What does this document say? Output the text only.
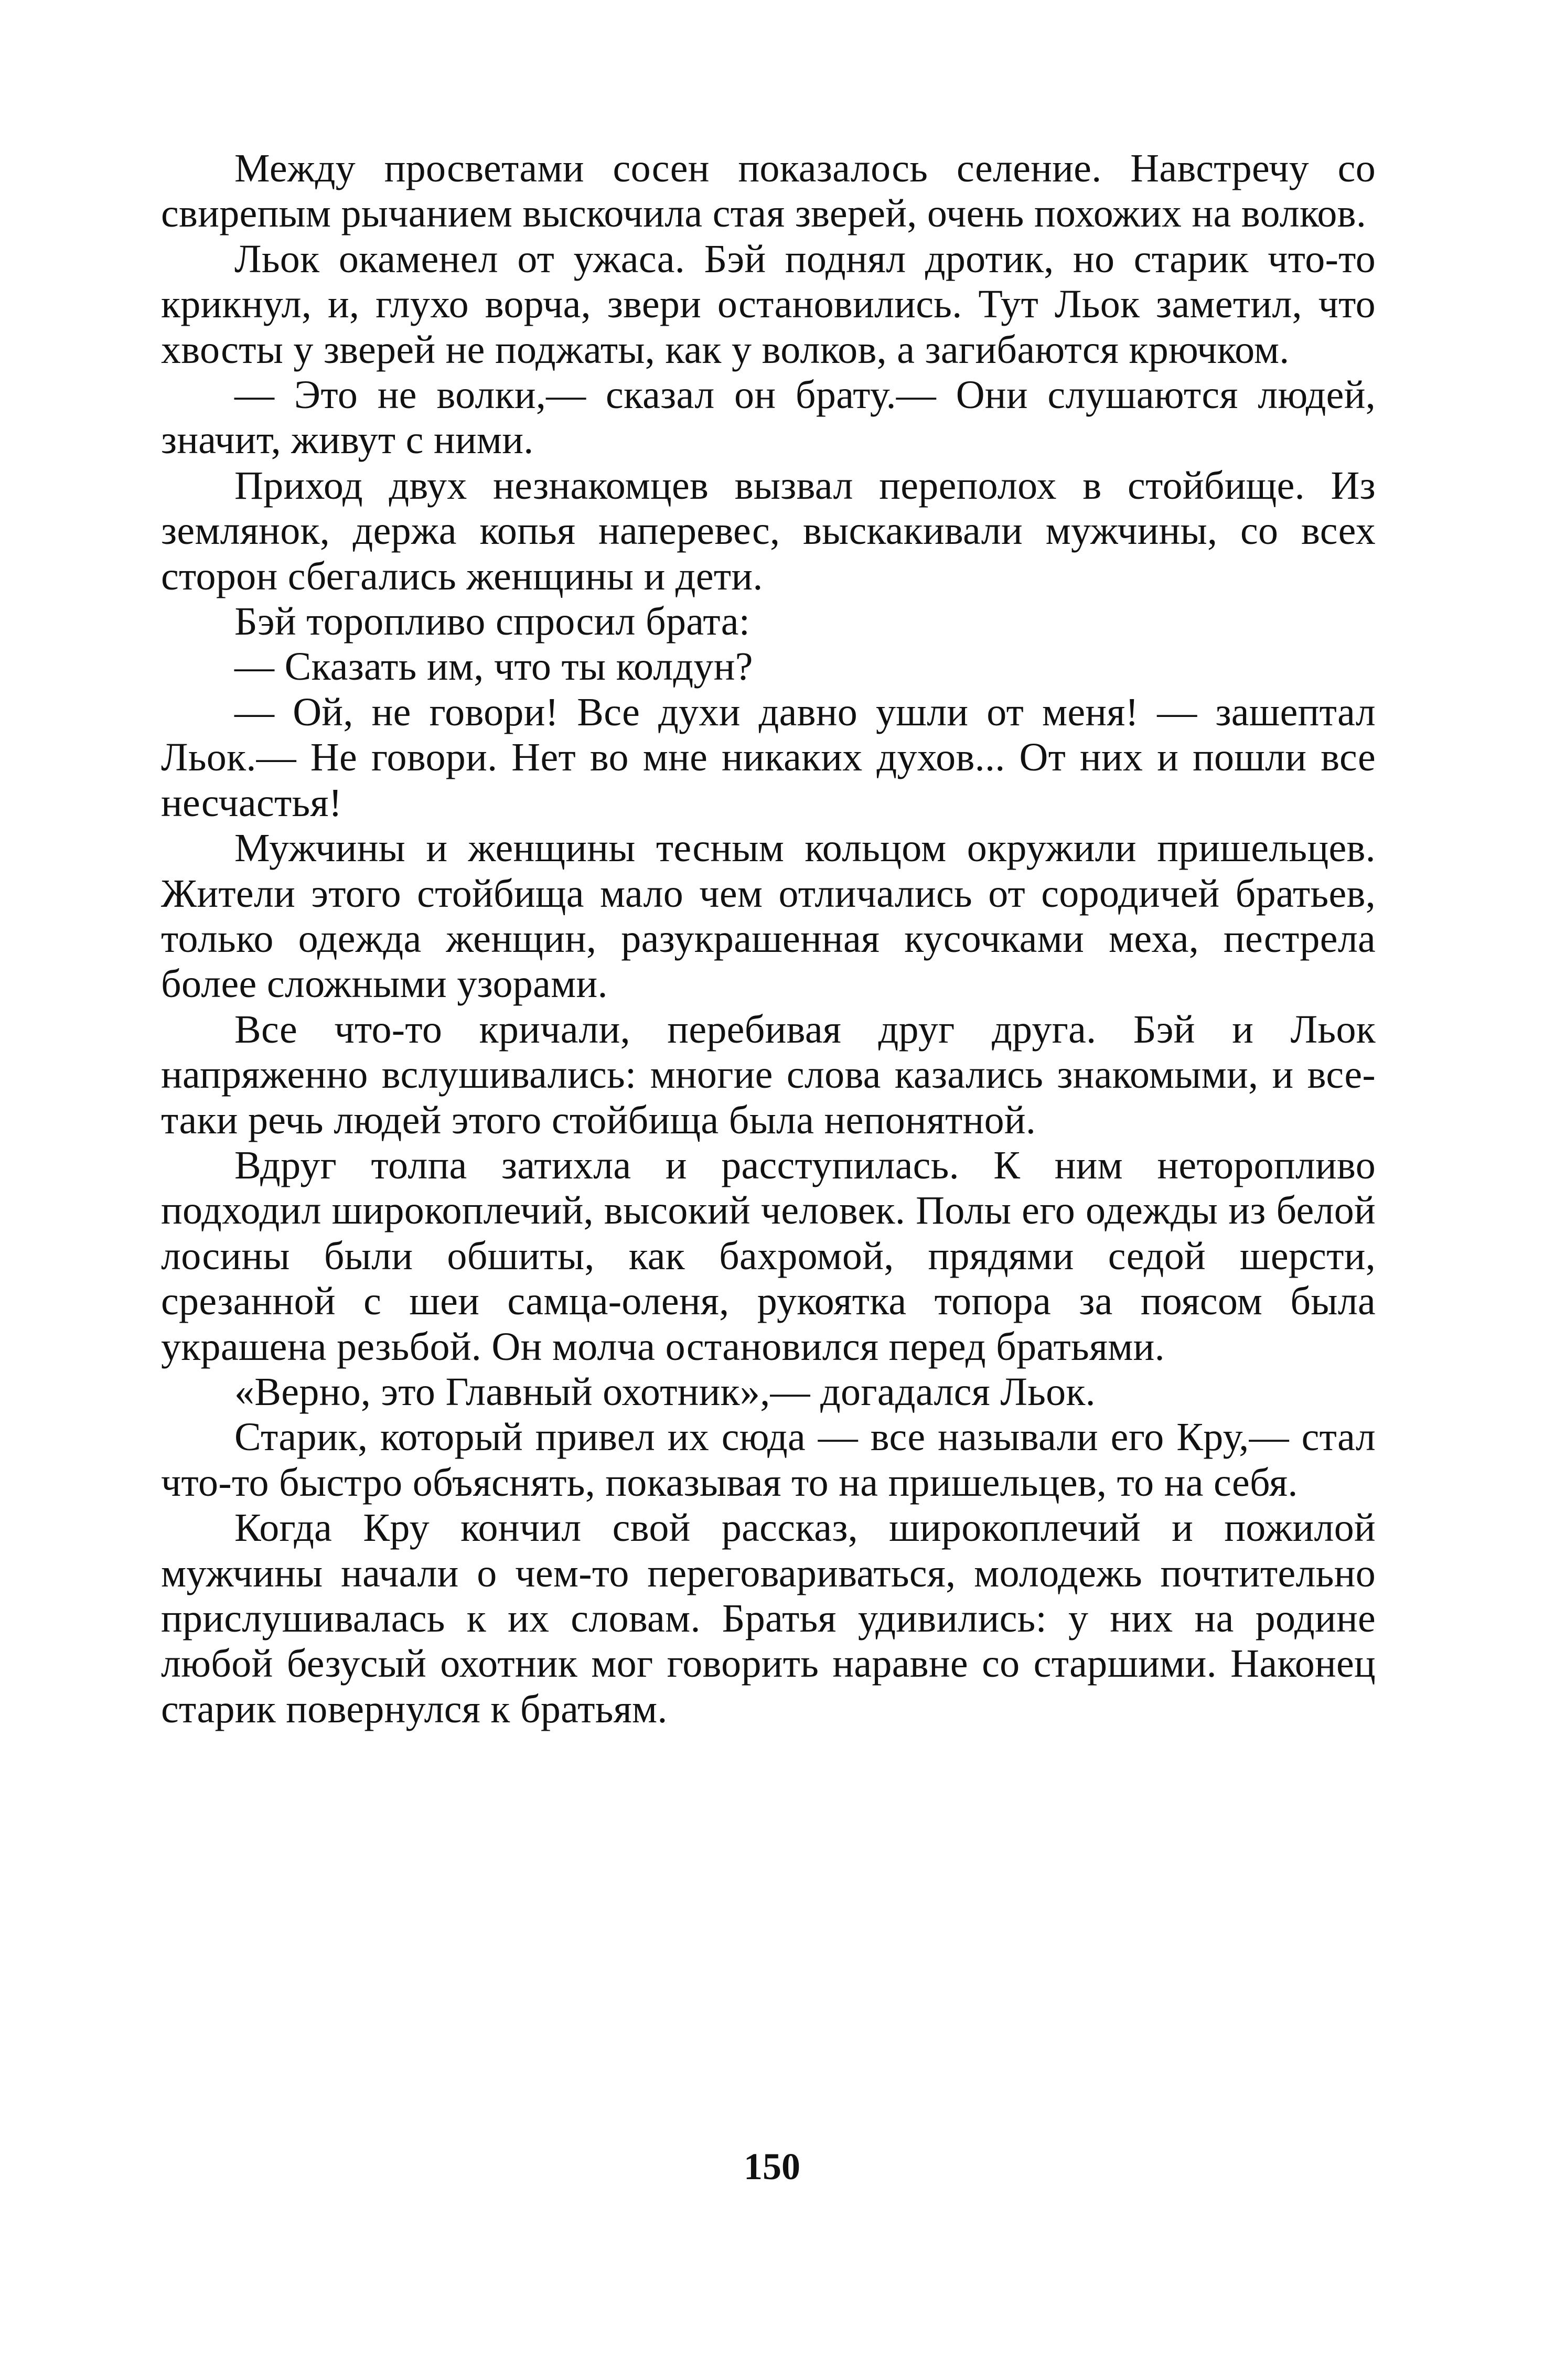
Между просветами сосен показалось селение. Навстречу со свирепым рычанием выскочила стая зверей, очень похожих на волков.

Льок окаменел от ужаса. Бэй поднял дротик, но старик что-то крикнул, и, глухо ворча, звери остановились. Тут Льок заметил, что хвосты у зверей не поджаты, как у волков, а загибаются крючком.

— Это не волки,— сказал он брату.— Они слушаются людей, значит, живут с ними.

Приход двух незнакомцев вызвал переполох в стойбище. Из землянок, держа копья наперевес, выскакивали мужчины, со всех сторон сбегались женщины и дети.

Бэй торопливо спросил брата:

— Сказать им, что ты колдун?

— Ой, не говори! Все духи давно ушли от меня! — зашептал Льок.— Не говори. Нет во мне никаких духов... От них и пошли все несчастья!

Мужчины и женщины тесным кольцом окружили пришельцев. Жители этого стойбища мало чем отличались от сородичей братьев, только одежда женщин, разукрашенная кусочками меха, пестрела более сложными узорами.

Все что-то кричали, перебивая друг друга. Бэй и Льок напряженно вслушивались: многие слова казались знакомыми, и все-таки речь людей этого стойбища была непонятной.

Вдруг толпа затихла и расступилась. К ним неторопливо подходил широкоплечий, высокий человек. Полы его одежды из белой лосины были обшиты, как бахромой, прядями седой шерсти, срезанной с шеи самца-оленя, рукоятка топора за поясом была украшена резьбой. Он молча остановился перед братьями.

«Верно, это Главный охотник»,— догадался Льок.

Старик, который привел их сюда — все называли его Кру,— стал что-то быстро объяснять, показывая то на пришельцев, то на себя.

Когда Кру кончил свой рассказ, широкоплечий и пожилой мужчины начали о чем-то переговариваться, молодежь почтительно прислушивалась к их словам. Братья удивились: у них на родине любой безусый охотник мог говорить наравне со старшими. Наконец старик повернулся к братьям.

150
